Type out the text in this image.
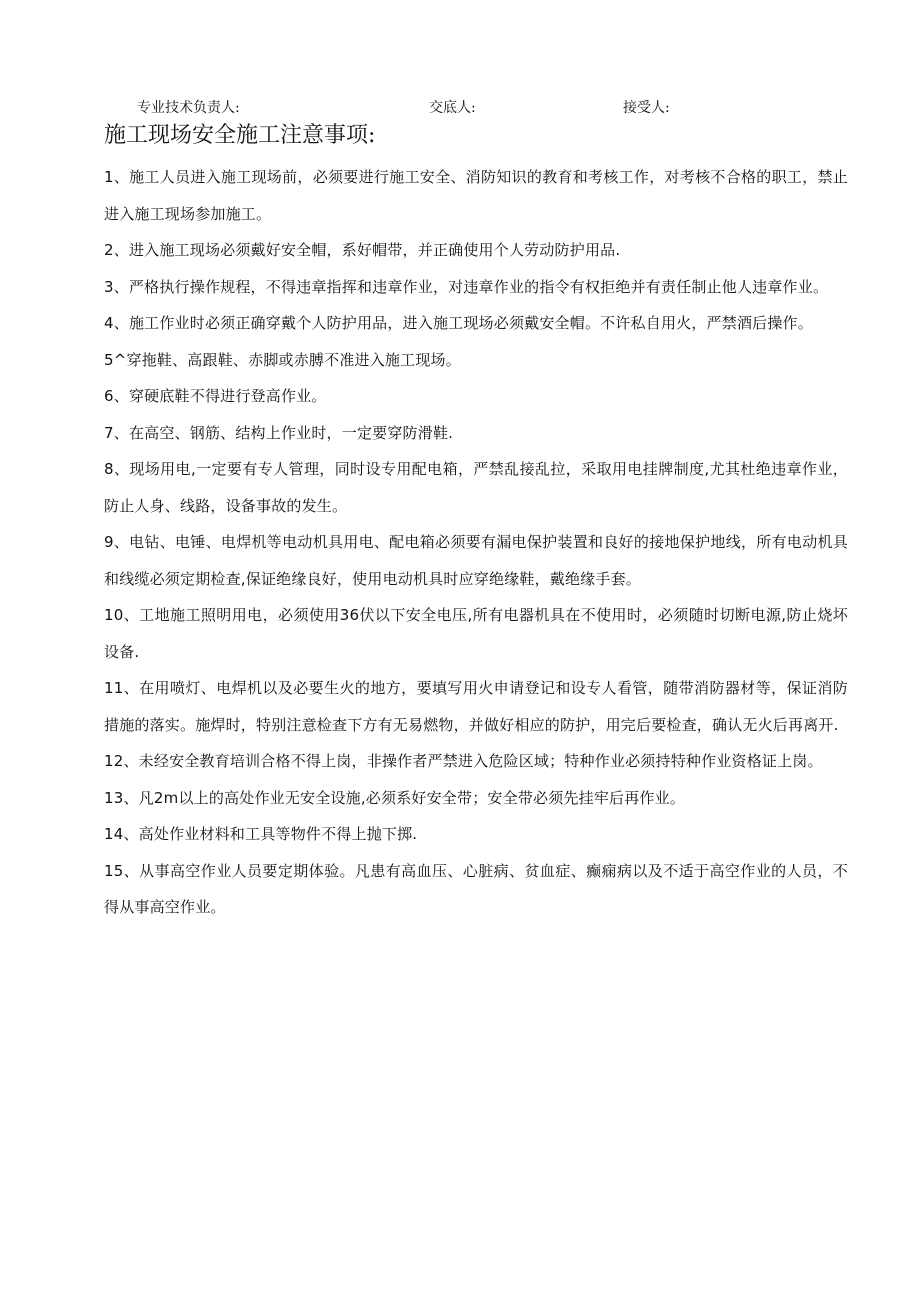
专业技术负责人:	交底人:	接受人:
施工现场安全施工注意事项:
1、施工人员进入施工现场前，必须要进行施工安全、消防知识的教育和考核工作，对考核不合格的职工，禁止进入施工现场参加施工。
2、进入施工现场必须戴好安全帽，系好帽带，并正确使用个人劳动防护用品.
3、严格执行操作规程，不得违章指挥和违章作业，对违章作业的指令有权拒绝并有责任制止他人违章作业。
4、施工作业时必须正确穿戴个人防护用品，进入施工现场必须戴安全帽。不许私自用火，严禁酒后操作。
5^穿拖鞋、高跟鞋、赤脚或赤膊不准进入施工现场。
6、穿硬底鞋不得进行登高作业。
7、在高空、钢筋、结构上作业时，一定要穿防滑鞋.
8、现场用电,一定要有专人管理，同时设专用配电箱，严禁乱接乱拉，采取用电挂牌制度,尤其杜绝违章作业，防止人身、线路，设备事故的发生。
9、电钻、电锤、电焊机等电动机具用电、配电箱必须要有漏电保护装置和良好的接地保护地线，所有电动机具和线缆必须定期检查,保证绝缘良好，使用电动机具时应穿绝缘鞋，戴绝缘手套。
10、工地施工照明用电，必须使用36伏以下安全电压,所有电器机具在不使用时，必须随时切断电源,防止烧坏设备.
11、在用喷灯、电焊机以及必要生火的地方，要填写用火申请登记和设专人看管，随带消防器材等，保证消防措施的落实。施焊时，特别注意检查下方有无易燃物，并做好相应的防护，用完后要检查，确认无火后再离开.
12、未经安全教育培训合格不得上岗，非操作者严禁进入危险区域；特种作业必须持特种作业资格证上岗。
13、凡2m以上的高处作业无安全设施,必须系好安全带；安全带必须先挂牢后再作业。
14、高处作业材料和工具等物件不得上抛下掷.
15、从事高空作业人员要定期体验。凡患有高血压、心脏病、贫血症、癫痫病以及不适于高空作业的人员，不得从事高空作业。
